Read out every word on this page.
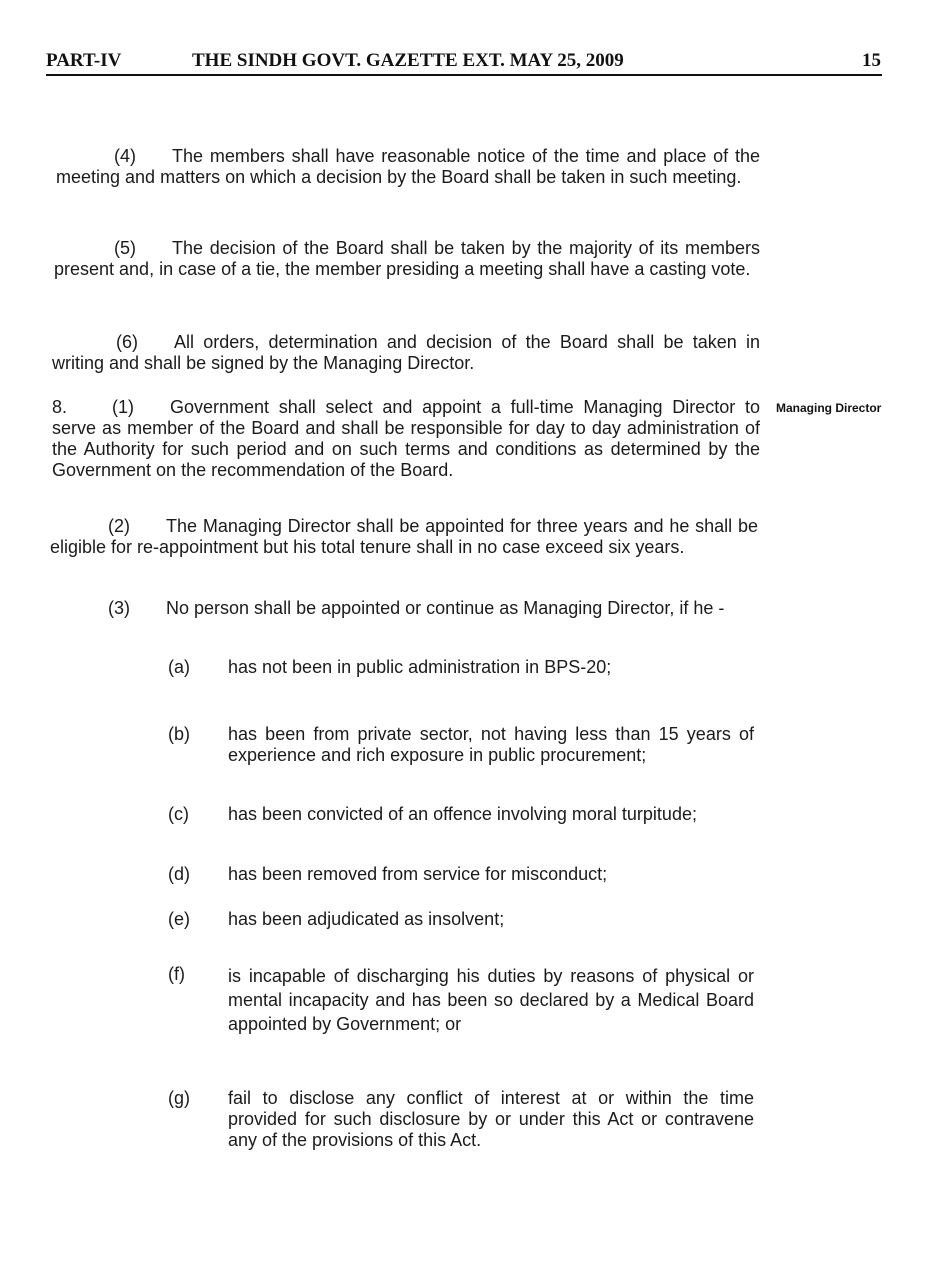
PART-IV	THE SINDH GOVT. GAZETTE EXT. MAY 25, 2009	15
(4) The members shall have reasonable notice of the time and place of the meeting and matters on which a decision by the Board shall be taken in such meeting.
(5) The decision of the Board shall be taken by the majority of its members present and, in case of a tie, the member presiding a meeting shall have a casting vote.
(6) All orders, determination and decision of the Board shall be taken in writing and shall be signed by the Managing Director.
8. (1) Government shall select and appoint a full-time Managing Director to serve as member of the Board and shall be responsible for day to day administration of the Authority for such period and on such terms and conditions as determined by the Government on the recommendation of the Board.
Managing Director
(2) The Managing Director shall be appointed for three years and he shall be eligible for re-appointment but his total tenure shall in no case exceed six years.
(3) No person shall be appointed or continue as Managing Director, if he -
(a)	has not been in public administration in BPS-20;
(b)	has been from private sector, not having less than 15 years of experience and rich exposure in public procurement;
(c)	has been convicted of an offence involving moral turpitude;
(d)	has been removed from service for misconduct;
(e)	has been adjudicated as insolvent;
(f)	is incapable of discharging his duties by reasons of physical or mental incapacity and has been so declared by a Medical Board appointed by Government; or
(g)	fail to disclose any conflict of interest at or within the time provided for such disclosure by or under this Act or contravene any of the provisions of this Act.
